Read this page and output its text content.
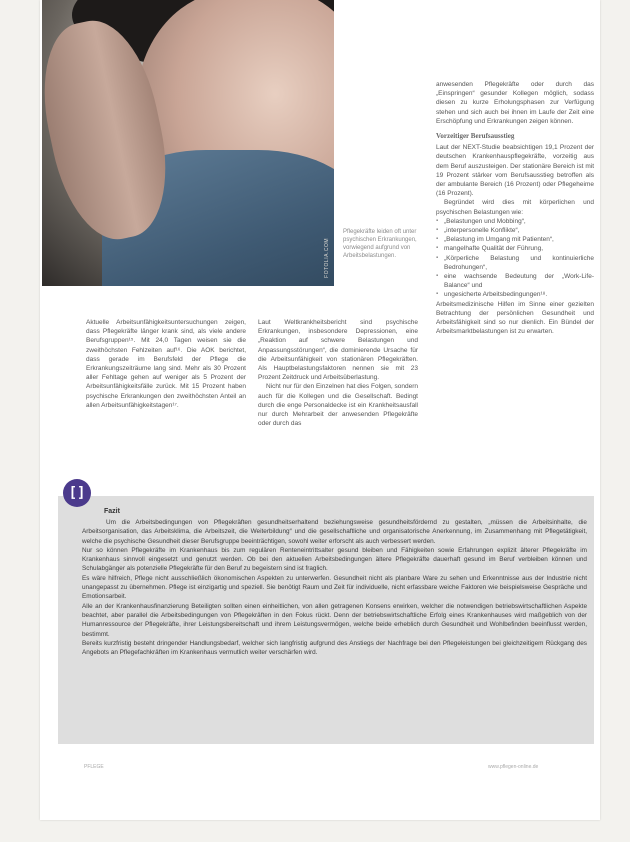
FOTOLIA.COM
Pflegekräfte leiden oft unter psychischen Erkrankungen, vorwiegend aufgrund von Arbeitsbelastungen.

Aktuelle Arbeitsunfähigkeitsuntersuchungen zeigen, dass Pflegekräfte länger krank sind, als viele andere Berufsgruppen¹⁵. Mit 24,0 Tagen weisen sie die zweithöchsten Fehlzeiten auf¹⁶. Die AOK berichtet, dass gerade im Berufsfeld der Pflege die Erkrankungszeiträume lang sind. Mehr als 30 Prozent aller Fehltage gehen auf weniger als 5 Prozent der Arbeitsunfähigkeitsfälle zurück. Mit 15 Prozent haben psychische Erkrankungen den zweithöchsten Anteil an allen Arbeitsunfähigkeitstagen¹⁷.

Laut Weltkrankheitsbericht sind psychische Erkrankungen, insbesondere Depressionen, eine „Reaktion auf schwere Belastungen und Anpassungsstörungen“, die dominierende Ursache für die Arbeitsunfähigkeit von stationären Pflegekräften. Als Hauptbelastungsfaktoren nennen sie mit 23 Prozent Zeitdruck und Arbeitsüberlastung.

Nicht nur für den Einzelnen hat dies Folgen, sondern auch für die Kollegen und die Gesellschaft. Bedingt durch die enge Personaldecke ist ein Krankheitsausfall nur durch Mehrarbeit der anwesenden Pflegekräfte oder durch das

anwesenden Pflegekräfte oder durch das „Einspringen“ gesunder Kollegen möglich, sodass diesen zu kurze Erholungsphasen zur Verfügung stehen und sich auch bei ihnen im Laufe der Zeit eine Erschöpfung und Erkrankungen zeigen können.

Vorzeitiger Berufsausstieg

Laut der NEXT-Studie beabsichtigen 19,1 Prozent der deutschen Krankenhauspflegekräfte, vorzeitig aus dem Beruf auszusteigen. Der stationäre Bereich ist mit 19 Prozent stärker vom Berufsausstieg betroffen als der ambulante Bereich (16 Prozent) oder Pflegeheime (16 Prozent).

Begründet wird dies mit körperlichen und psychischen Belastungen wie:

▪ „Belastungen und Mobbing“,
▪ „interpersonelle Konflikte“,
▪ „Belastung im Umgang mit Patienten“,
▪ mangelhafte Qualität der Führung,
▪ „Körperliche Belastung und kontinuierliche Bedrohungen“,
▪ eine wachsende Bedeutung der „Work-Life-Balance“ und
▪ ungesicherte Arbeitsbedingungen¹⁸.

Arbeitsmedizinische Hilfen im Sinne einer gezielten Betrachtung der persönlichen Gesundheit und Arbeitsfähigkeit sind so nur dienlich. Ein Bündel der Arbeitsmarktbelastungen ist zu erwarten.

Fazit

Um die Arbeitsbedingungen von Pflegekräften gesundheitserhaltend beziehungsweise gesundheitsfördernd zu gestalten, „müssen die Arbeitsinhalte, die Arbeitsorganisation, das Arbeitsklima, die Arbeitszeit, die Weiterbildung“ und die gesellschaftliche und organisatorische Anerkennung, im Zusammenhang mit Pflegetätigkeit, welche die psychische Gesundheit dieser Berufsgruppe beeinträchtigen, sowohl weiter erforscht als auch verbessert werden.

Nur so können Pflegekräfte im Krankenhaus bis zum regulären Renteneintrittsalter gesund bleiben und Fähigkeiten sowie Erfahrungen explizit älterer Pflegekräfte im Krankenhaus sinnvoll eingesetzt und genutzt werden. Ob bei den aktuellen Arbeitsbedingungen ältere Pflegekräfte dauerhaft gesund im Beruf verbleiben können und Schulabgänger als potenzielle Pflegekräfte für den Beruf zu begeistern sind ist fraglich.

Es wäre hilfreich, Pflege nicht ausschließlich ökonomischen Aspekten zu unterwerfen. Gesundheit nicht als planbare Ware zu sehen und Erkenntnisse aus der Industrie nicht unangepasst zu übernehmen. Pflege ist einzigartig und speziell. Sie benötigt Raum und Zeit für individuelle, nicht erfassbare weiche Faktoren wie beispielsweise Gespräche und Emotionsarbeit.

Alle an der Krankenhausfinanzierung Beteiligten sollten einen einheitlichen, von allen getragenen Konsens erwirken, welcher die notwendigen betriebswirtschaftlichen Aspekte beachtet, aber parallel die Arbeitsbedingungen von Pflegekräften in den Fokus rückt. Denn der betriebswirtschaftliche Erfolg eines Krankenhauses wird maßgeblich von der Humanressource der Pflegekräfte, ihrer Leistungsbereitschaft und ihrem Leistungsvermögen, welche beide erheblich durch Gesundheit und Wohlbefinden beeinflusst werden, bestimmt.

Bereits kurzfristig besteht dringender Handlungsbedarf, welcher sich langfristig aufgrund des Anstiegs der Nachfrage bei den Pflegeleistungen bei gleichzeitigem Rückgang des Angebots an Pflegefachkräften im Krankenhaus vermutlich weiter verschärfen wird.

[]
PFLEGE	www.pflegen-online.de
